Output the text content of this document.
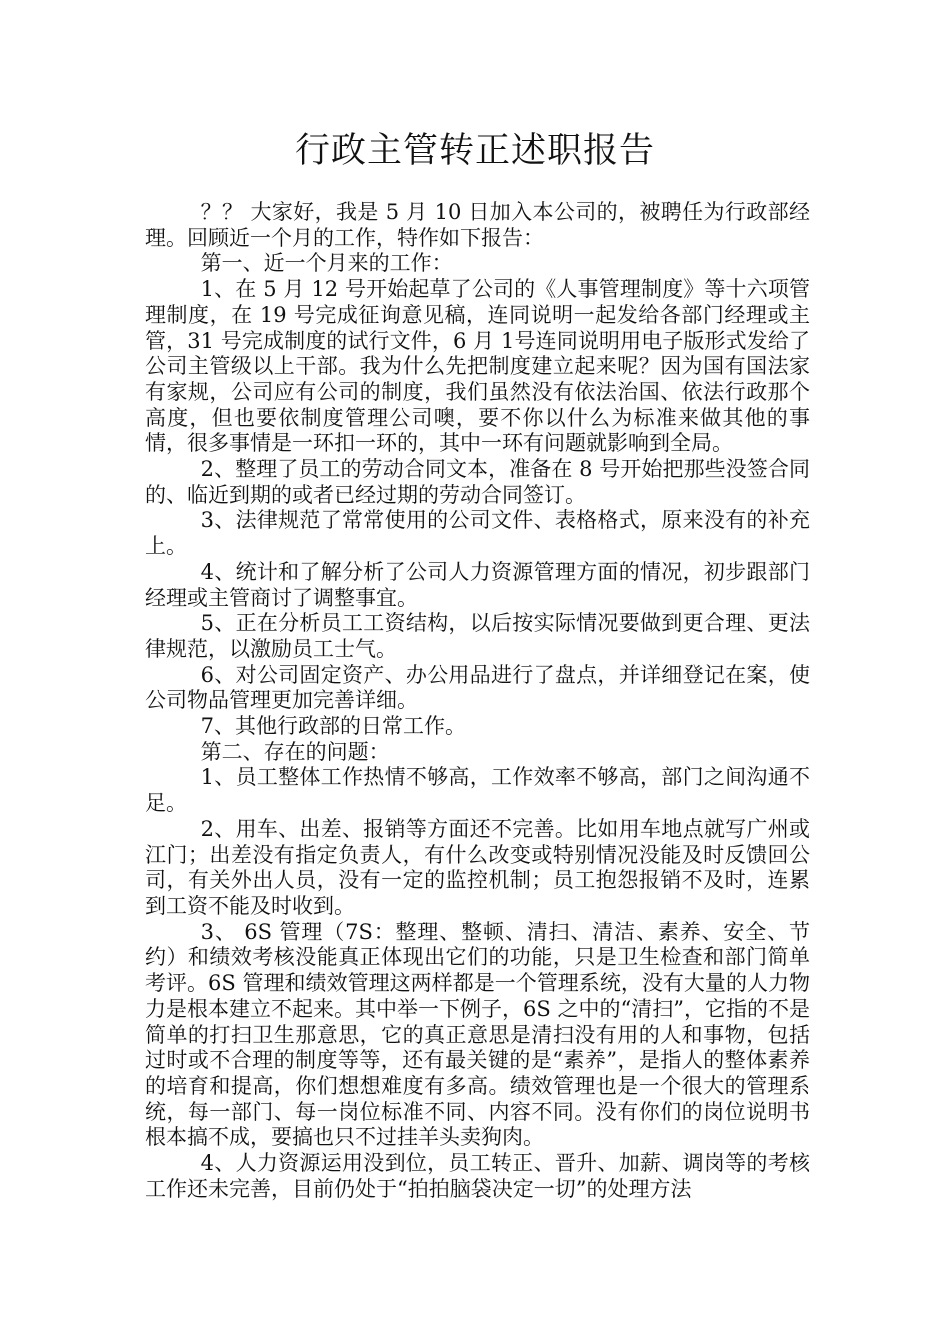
行政主管转正述职报告

？？ 大家好，我是 5 月 10 日加入本公司的，被聘任为行政部经理。回顾近一个月的工作，特作如下报告：

第一、近一个月来的工作：

1、在 5 月 12 号开始起草了公司的《人事管理制度》等十六项管理制度，在 19 号完成征询意见稿，连同说明一起发给各部门经理或主管，31 号完成制度的试行文件，6 月 1号连同说明用电子版形式发给了公司主管级以上干部。我为什么先把制度建立起来呢？因为国有国法家有家规，公司应有公司的制度，我们虽然没有依法治国、依法行政那个高度，但也要依制度管理公司噢，要不你以什么为标准来做其他的事情，很多事情是一环扣一环的，其中一环有问题就影响到全局。

2、整理了员工的劳动合同文本，准备在 8 号开始把那些没签合同的、临近到期的或者已经过期的劳动合同签订。

3、法律规范了常常使用的公司文件、表格格式，原来没有的补充上。

4、统计和了解分析了公司人力资源管理方面的情况，初步跟部门经理或主管商讨了调整事宜。

5、正在分析员工工资结构，以后按实际情况要做到更合理、更法律规范，以激励员工士气。

6、对公司固定资产、办公用品进行了盘点，并详细登记在案，使公司物品管理更加完善详细。

7、其他行政部的日常工作。

第二、存在的问题：

1、员工整体工作热情不够高，工作效率不够高，部门之间沟通不足。

2、用车、出差、报销等方面还不完善。比如用车地点就写广州或江门；出差没有指定负责人，有什么改变或特别情况没能及时反馈回公司，有关外出人员，没有一定的监控机制；员工抱怨报销不及时，连累到工资不能及时收到。

3、 6S 管理（7S：整理、整顿、清扫、清洁、素养、安全、节约）和绩效考核没能真正体现出它们的功能，只是卫生检查和部门简单考评。6S 管理和绩效管理这两样都是一个管理系统，没有大量的人力物力是根本建立不起来。其中举一下例子，6S 之中的“清扫”，它指的不是简单的打扫卫生那意思，它的真正意思是清扫没有用的人和事物，包括过时或不合理的制度等等，还有最关键的是“素养”，是指人的整体素养的培育和提高，你们想想难度有多高。绩效管理也是一个很大的管理系统，每一部门、每一岗位标准不同、内容不同。没有你们的岗位说明书根本搞不成，要搞也只不过挂羊头卖狗肉。

4、人力资源运用没到位，员工转正、晋升、加薪、调岗等的考核工作还未完善，目前仍处于“拍拍脑袋决定一切”的处理方法
